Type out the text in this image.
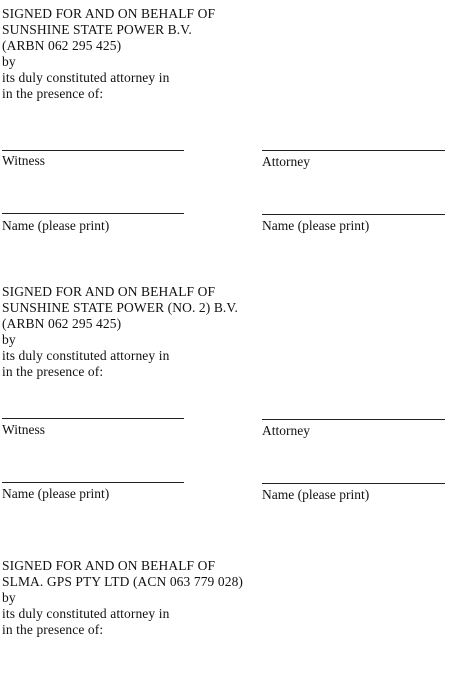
SIGNED FOR AND ON BEHALF OF
SUNSHINE STATE POWER B.V.
(ARBN 062 295 425)
by
its duly constituted attorney in
in the presence of:
Witness	Attorney
Name (please print)	Name (please print)
SIGNED FOR AND ON BEHALF OF
SUNSHINE STATE POWER (NO. 2) B.V.
(ARBN 062 295 425)
by
its duly constituted attorney in
in the presence of:
Witness	Attorney
Name (please print)	Name (please print)
SIGNED FOR AND ON BEHALF OF
SLMA. GPS PTY LTD (ACN 063 779 028)
by
its duly constituted attorney in
in the presence of:
